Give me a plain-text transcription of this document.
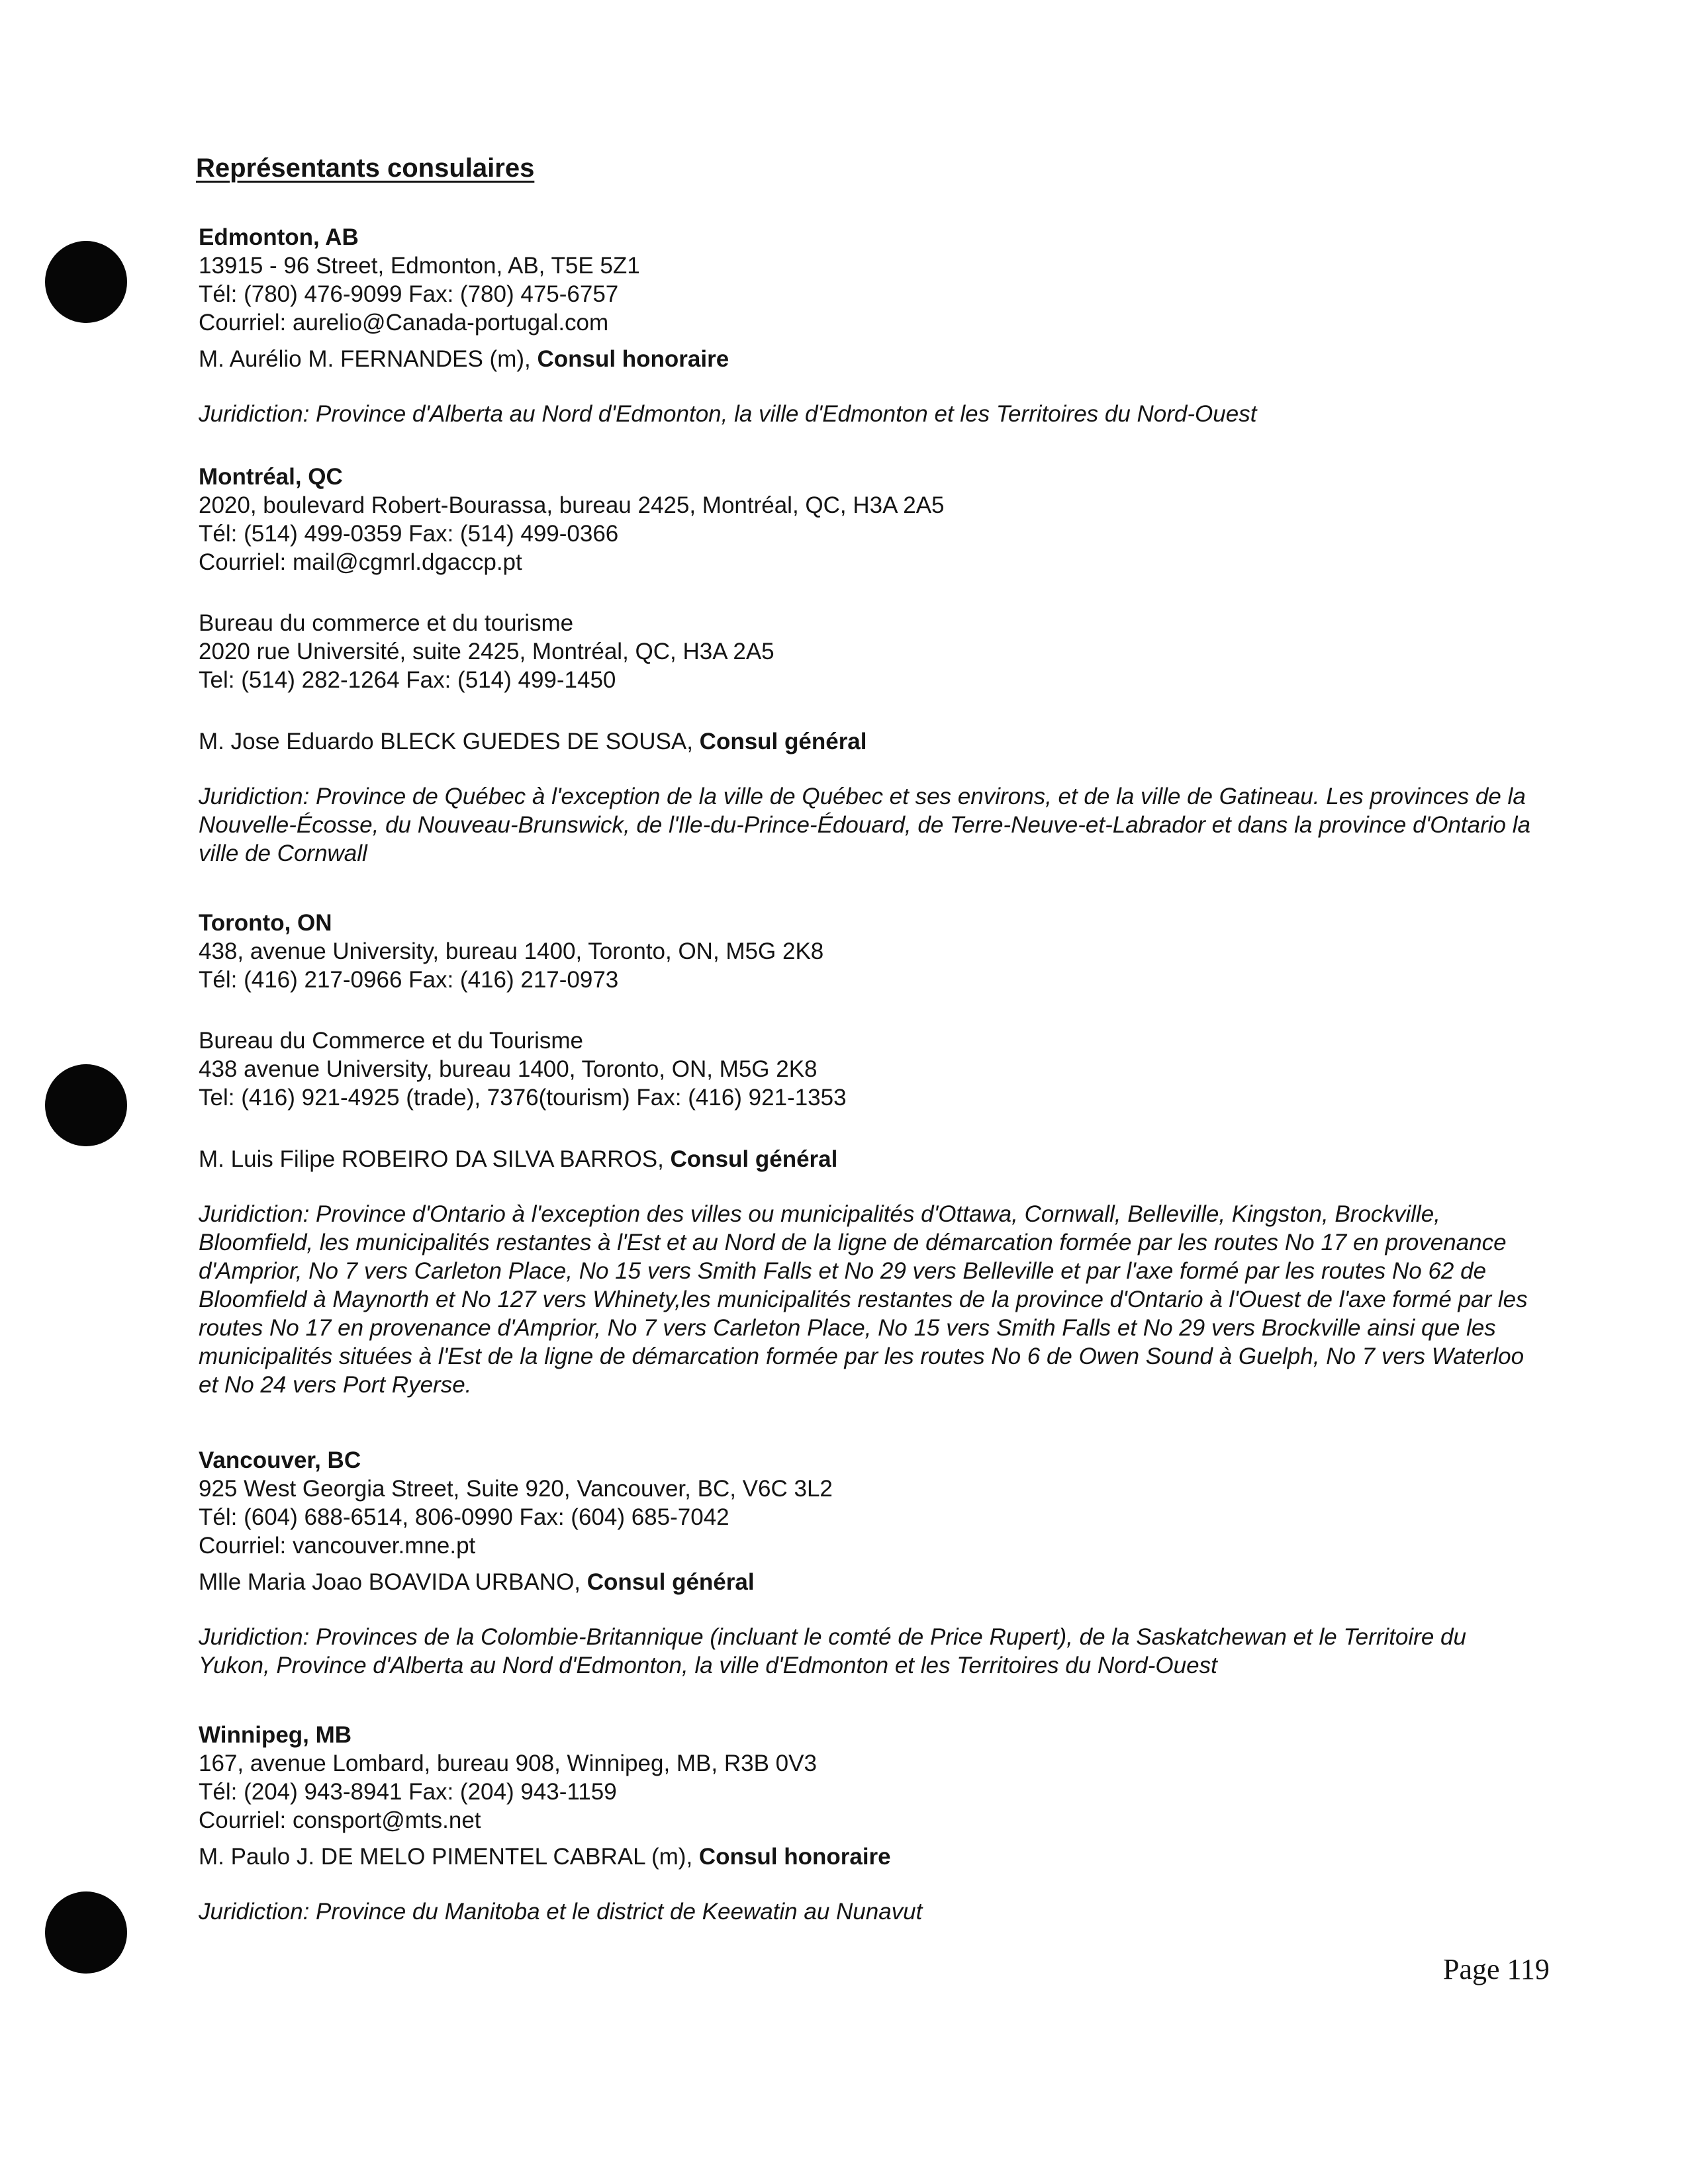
Représentants consulaires
Edmonton, AB
13915 - 96 Street, Edmonton, AB, T5E 5Z1
Tél: (780) 476-9099 Fax: (780) 475-6757
Courriel: aurelio@Canada-portugal.com
M. Aurélio M. FERNANDES (m), Consul honoraire
Juridiction: Province d'Alberta au Nord d'Edmonton, la ville d'Edmonton et les Territoires du Nord-Ouest
Montréal, QC
2020, boulevard Robert-Bourassa, bureau 2425, Montréal, QC, H3A 2A5
Tél: (514) 499-0359 Fax: (514) 499-0366
Courriel: mail@cgmrl.dgaccp.pt
Bureau du commerce et du tourisme
2020 rue Université, suite 2425, Montréal, QC, H3A 2A5
Tel: (514) 282-1264 Fax: (514) 499-1450
M. Jose Eduardo BLECK GUEDES DE SOUSA, Consul général
Juridiction: Province de Québec à l'exception de la ville de Québec et ses environs, et de la ville de Gatineau. Les provinces de la Nouvelle-Écosse, du Nouveau-Brunswick, de l'Ile-du-Prince-Édouard, de Terre-Neuve-et-Labrador et dans la province d'Ontario la ville de Cornwall
Toronto, ON
438, avenue University, bureau 1400, Toronto, ON, M5G 2K8
Tél: (416) 217-0966 Fax: (416) 217-0973
Bureau du Commerce et du Tourisme
438 avenue University, bureau 1400, Toronto, ON, M5G 2K8
Tel: (416) 921-4925 (trade), 7376(tourism) Fax: (416) 921-1353
M. Luis Filipe ROBEIRO DA SILVA BARROS, Consul général
Juridiction: Province d'Ontario à l'exception des villes ou municipalités d'Ottawa, Cornwall, Belleville, Kingston, Brockville, Bloomfield, les municipalités restantes à l'Est et au Nord de la ligne de démarcation formée par les routes No 17 en provenance d'Amprior, No 7 vers Carleton Place, No 15 vers Smith Falls et No 29 vers Belleville et par l'axe formé par les routes No 62 de Bloomfield à Maynorth et No 127 vers Whinety,les municipalités restantes de la province d'Ontario à l'Ouest de l'axe formé par les routes No 17 en provenance d'Amprior, No 7 vers Carleton Place, No 15 vers Smith Falls et No 29 vers Brockville ainsi que les municipalités situées à l'Est de la ligne de démarcation formée par les routes No 6 de Owen Sound à Guelph, No 7 vers Waterloo et No 24 vers Port Ryerse.
Vancouver, BC
925 West Georgia Street, Suite 920, Vancouver, BC, V6C 3L2
Tél: (604) 688-6514, 806-0990 Fax: (604) 685-7042
Courriel: vancouver.mne.pt
Mlle Maria Joao BOAVIDA URBANO, Consul général
Juridiction: Provinces de la Colombie-Britannique (incluant le comté de Price Rupert), de la Saskatchewan et le Territoire du Yukon, Province d'Alberta au Nord d'Edmonton, la ville d'Edmonton et les Territoires du Nord-Ouest
Winnipeg, MB
167, avenue Lombard, bureau 908, Winnipeg, MB, R3B 0V3
Tél: (204) 943-8941 Fax: (204) 943-1159
Courriel: consport@mts.net
M. Paulo J. DE MELO PIMENTEL CABRAL (m), Consul honoraire
Juridiction: Province du Manitoba et le district de Keewatin au Nunavut
Page 119
